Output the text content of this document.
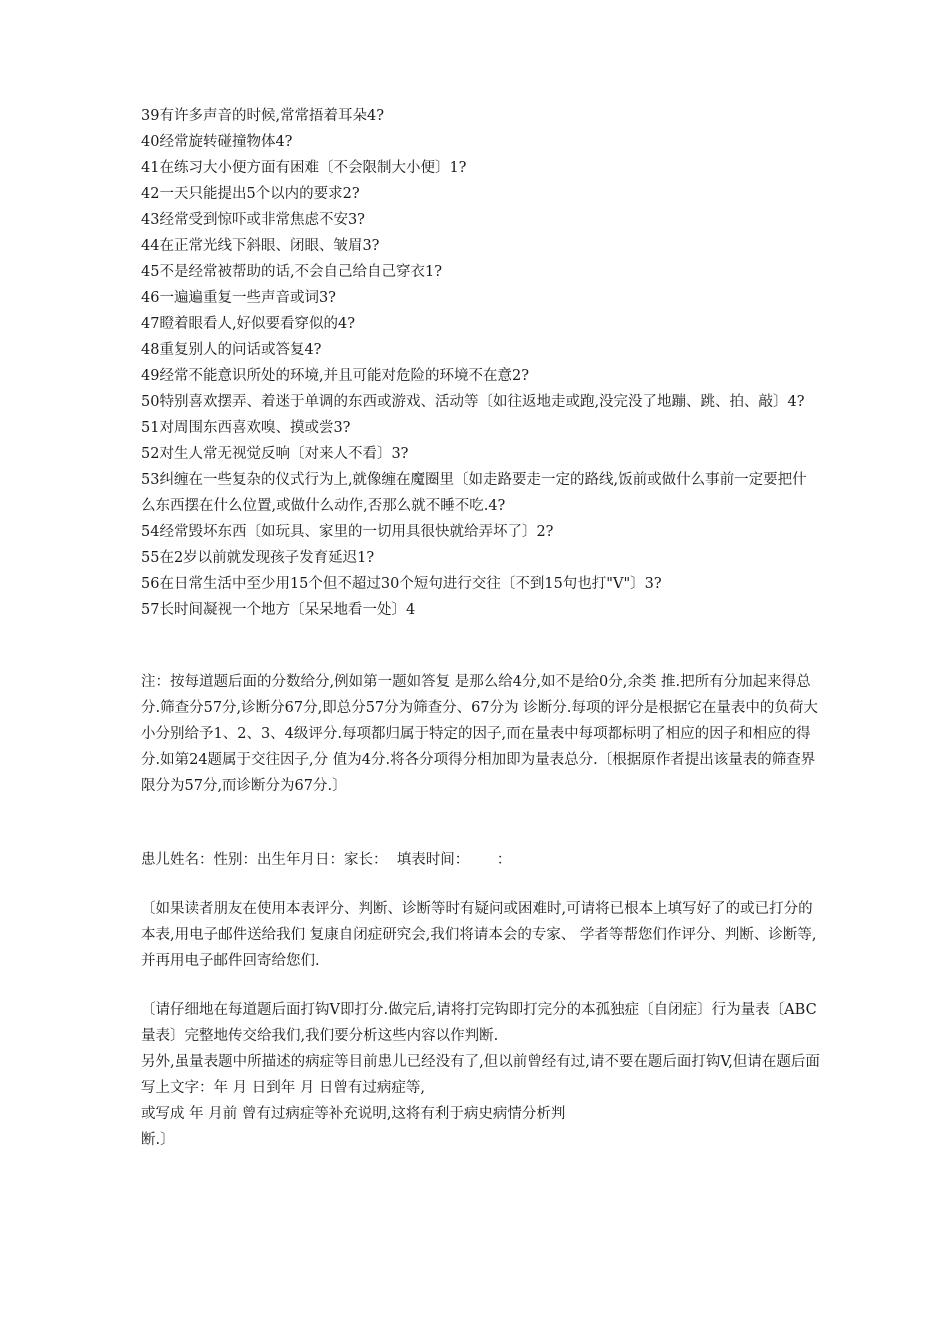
39有许多声音的时候,常常捂着耳朵4?

40经常旋转碰撞物体4?

41在练习大小便方面有困难〔不会限制大小便〕1?

42一天只能提出5个以内的要求2?

43经常受到惊吓或非常焦虑不安3?

44在正常光线下斜眼、闭眼、皱眉3?

45不是经常被帮助的话,不会自己给自己穿衣1?

46一遍遍重复一些声音或词3?

47瞪着眼看人,好似要看穿似的4?

48重复别人的问话或答复4?

49经常不能意识所处的环境,并且可能对危险的环境不在意2?

50特别喜欢摆弄、着迷于单调的东西或游戏、活动等〔如往返地走或跑,没完没了地蹦、跳、拍、敲〕4?

51对周围东西喜欢嗅、摸或尝3?

52对生人常无视觉反响〔对来人不看〕3?

53纠缠在一些复杂的仪式行为上,就像缠在魔圈里〔如走路要走一定的路线,饭前或做什么事前一定要把什么东西摆在什么位置,或做什么动作,否那么就不睡不吃.4?

54经常毁坏东西〔如玩具、家里的一切用具很快就给弄坏了〕2?

55在2岁以前就发现孩子发育延迟1?

56在日常生活中至少用15个但不超过30个短句进行交往〔不到15句也打"V"〕3?

57长时间凝视一个地方〔呆呆地看一处〕4

注：按每道题后面的分数给分,例如第一题如答复 是那么给4分,如不是给0分,余类 推.把所有分加起来得总分.筛查分57分,诊断分67分,即总分57分为筛查分、67分为 诊断分.每项的评分是根据它在量表中的负荷大小分别给予1、2、3、4级评分.每项都归属于特定的因子,而在量表中每项都标明了相应的因子和相应的得分.如第24题属于交往因子,分 值为4分.将各分项得分相加即为量表总分.〔根据原作者提出该量表的筛查界限分为57分,而诊断分为67分.〕

患儿姓名：性别：出生年月日：家长：  填表时间：      ：

〔如果读者朋友在使用本表评分、判断、诊断等时有疑问或困难时,可请将已根本上填写好了的或已打分的本表,用电子邮件送给我们 复康自闭症研究会,我们将请本会的专家、 学者等帮您们作评分、判断、诊断等,并再用电子邮件回寄给您们.

〔请仔细地在每道题后面打钩V即打分.做完后,请将打完钩即打完分的本孤独症〔自闭症〕行为量表〔ABC量表〕完整地传交给我们,我们要分析这些内容以作判断.

另外,虽量表题中所描述的病症等目前患儿已经没有了,但以前曾经有过,请不要在题后面打钩V,但请在题后面写上文字：年 月 日到年 月 日曾有过病症等,

或写成 年 月前 曾有过病症等补充说明,这将有利于病史病情分析判

断.〕
